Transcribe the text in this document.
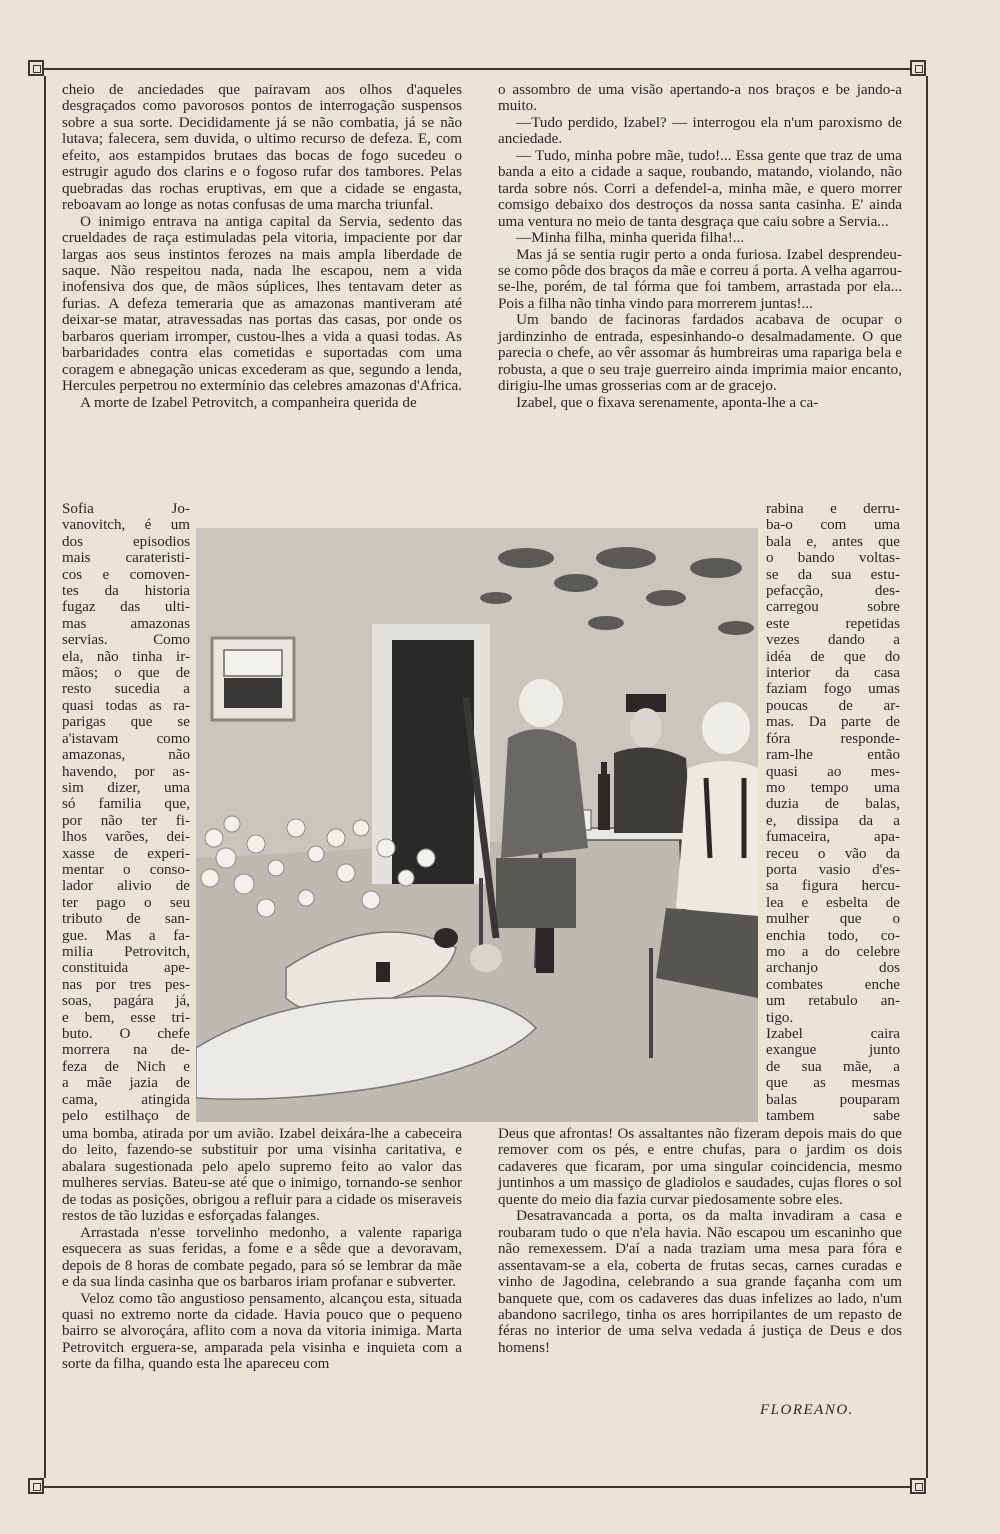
cheio de anciedades que pairavam aos olhos d'aqueles desgraçados como pavorosos pontos de interrogação suspensos sobre a sua sorte. Decididamente já se não combatia, já se não lutava; falecera, sem duvida, o ultimo recurso de defeza. E, com efeito, aos estampidos brutaes das bocas de fogo sucedeu o estrugir agudo dos clarins e o fogoso rufar dos tambores. Pelas quebradas das rochas eruptivas, em que a cidade se engasta, reboavam ao longe as notas confusas de uma marcha triunfal.

O inimigo entrava na antiga capital da Servia, sedento das crueldades de raça estimuladas pela vitoria, impaciente por dar largas aos seus instintos ferozes na mais ampla liberdade de saque. Não respeitou nada, nada lhe escapou, nem a vida inofensiva dos que, de mãos súplices, lhes tentavam deter as furias. A defeza temeraria que as amazonas mantiveram até deixar-se matar, atravessadas nas portas das casas, por onde os barbaros queriam irromper, custou-lhes a vida a quasi todas. As barbaridades contra elas cometidas e suportadas com uma coragem e abnegação unicas excederam as que, segundo a lenda, Hercules perpetrou no extermínio das celebres amazonas d'Africa.

A morte de Izabel Petrovitch, a companheira querida de

Sofia Jo-
vanovitch, é um
dos episodios
mais carateristi-
cos e comoven-
tes da historia
fugaz das ulti-
mas amazonas
servias. Como
ela, não tinha ir-
mãos; o que de
resto sucedia a
quasi todas as ra-
parigas que se
a'istavam como
amazonas, não
havendo, por as-
sim dizer, uma
só familia que,
por não ter fi-
lhos varões, dei-
xasse de experi-
mentar o conso-
lador alivio de
ter pago o seu
tributo de san-
gue. Mas a fa-
milia Petrovitch,
constituida ape-
nas por tres pes-
soas, pagára já,
e bem, esse tri-
buto. O chefe
morrera na de-
feza de Nich e
a mãe jazia de
cama, atingida
pelo estilhaço de

uma bomba, atirada por um avião. Izabel deixára-lhe a cabeceira do leito, fazendo-se substituir por uma visinha caritativa, e abalara sugestionada pelo apelo supremo feito ao valor das mulheres servias. Bateu-se até que o inimigo, tornando-se senhor de todas as posições, obrigou a refluir para a cidade os miseraveis restos de tão luzidas e esforçadas falanges.

Arrastada n'esse torvelinho medonho, a valente rapariga esquecera as suas feridas, a fome e a sêde que a devoravam, depois de 8 horas de combate pegado, para só se lembrar da mãe e da sua linda casinha que os barbaros iriam profanar e subverter.

Veloz como tão angustioso pensamento, alcançou esta, situada quasi no extremo norte da cidade. Havia pouco que o pequeno bairro se alvoroçára, aflito com a nova da vitoria inimiga. Marta Petrovitch erguera-se, amparada pela visinha e inquieta com a sorte da filha, quando esta lhe apareceu com

o assombro de uma visão apertando-a nos braços e be jando-a muito.

—Tudo perdido, Izabel? — interrogou ela n'um paroxismo de anciedade.

— Tudo, minha pobre mãe, tudo!... Essa gente que traz de uma banda a eito a cidade a saque, roubando, matando, violando, não tarda sobre nós. Corri a defendel-a, minha mãe, e quero morrer comsigo debaixo dos destroços da nossa santa casinha. E' ainda uma ventura no meio de tanta desgraça que caiu sobre a Servia...

—Minha filha, minha querida filha!...

Mas já se sentia rugir perto a onda furiosa. Izabel desprendeu-se como pôde dos braços da mãe e correu á porta. A velha agarrou-se-lhe, porém, de tal fórma que foi tambem, arrastada por ela... Pois a filha não tinha vindo para morrerem juntas!...

Um bando de facinoras fardados acabava de ocupar o jardinzinho de entrada, espesinhando-o desalmadamente. O que parecia o chefe, ao vêr assomar ás humbreiras uma rapariga bela e robusta, a que o seu traje guerreiro ainda imprimia maior encanto, dirigiu-lhe umas grosserias com ar de gracejo.

Izabel, que o fixava serenamente, aponta-lhe a ca-

rabina e derru-
ba-o com uma
bala e, antes que
o bando voltas-
se da sua estu-
pefacção, des-
carregou sobre
este repetidas
vezes dando a
idéa de que do
interior da casa
faziam fogo umas
poucas de ar-
mas. Da parte de
fóra responde-
ram-lhe então
quasi ao mes-
mo tempo uma
duzia de balas,
e, dissipa da a
fumaceira, apa-
receu o vão da
porta vasio d'es-
sa figura hercu-
lea e esbelta de
mulher que o
enchia todo, co-
mo a do celebre
archanjo dos
combates enche
um retabulo an-
tigo.
Izabel caira
exangue junto
de sua mãe, a
que as mesmas
balas pouparam
tambem sabe

Deus que afrontas! Os assaltantes não fizeram depois mais do que remover com os pés, e entre chufas, para o jardim os dois cadaveres que ficaram, por uma singular coincidencia, mesmo juntinhos a um massiço de gladiolos e saudades, cujas flores o sol quente do meio dia fazia curvar piedosamente sobre eles.

Desatravancada a porta, os da malta invadiram a casa e roubaram tudo o que n'ela havia. Não escapou um escaninho que não remexessem. D'aí a nada traziam uma mesa para fóra e assentavam-se a ela, coberta de frutas secas, carnes curadas e vinho de Jagodina, celebrando a sua grande façanha com um banquete que, com os cadaveres das duas infelizes ao lado, n'um abandono sacrilego, tinha os ares horripilantes de um repasto de féras no interior de uma selva vedada á justiça de Deus e dos homens!

FLOREANO.
